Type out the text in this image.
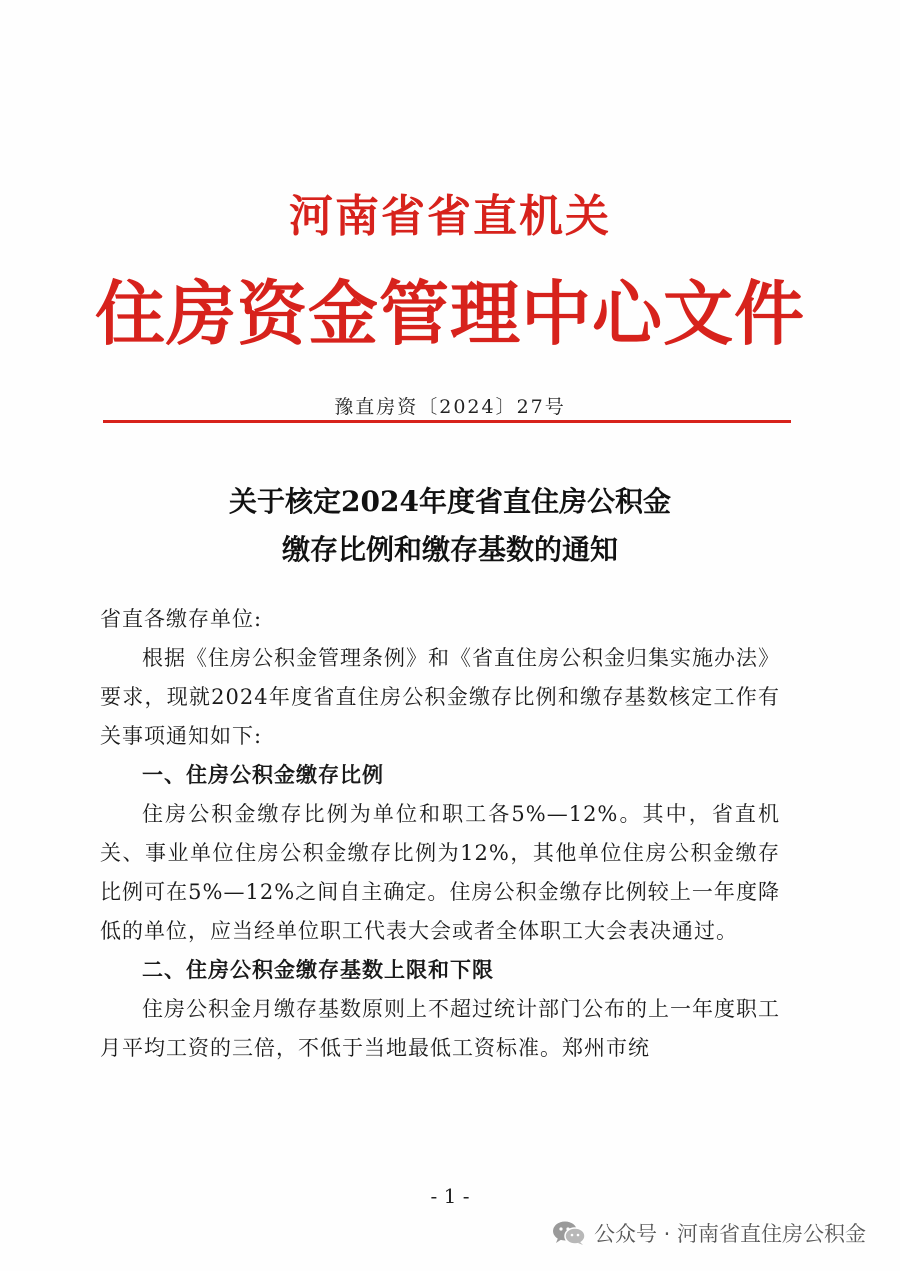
河南省省直机关
住房资金管理中心文件
豫直房资〔2024〕27号
关于核定2024年度省直住房公积金
缴存比例和缴存基数的通知

省直各缴存单位:

根据《住房公积金管理条例》和《省直住房公积金归集实施办法》要求，现就2024年度省直住房公积金缴存比例和缴存基数核定工作有关事项通知如下:

一、住房公积金缴存比例

住房公积金缴存比例为单位和职工各5%—12%。其中，省直机关、事业单位住房公积金缴存比例为12%，其他单位住房公积金缴存比例可在5%—12%之间自主确定。住房公积金缴存比例较上一年度降低的单位，应当经单位职工代表大会或者全体职工大会表决通过。

二、住房公积金缴存基数上限和下限

住房公积金月缴存基数原则上不超过统计部门公布的上一年度职工月平均工资的三倍，不低于当地最低工资标准。郑州市统

- 1 -
公众号 · 河南省直住房公积金
